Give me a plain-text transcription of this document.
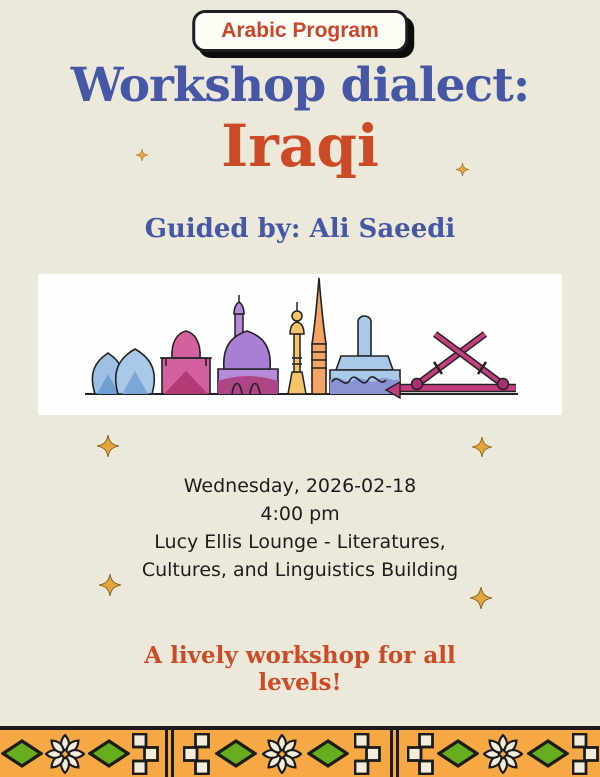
Arabic Program
Workshop dialect:
Iraqi
Guided by: Ali Saeedi
Wednesday, 2026-02-18
4:00 pm
Lucy Ellis Lounge - Literatures,
Cultures, and Linguistics Building
A lively workshop for all
levels!
